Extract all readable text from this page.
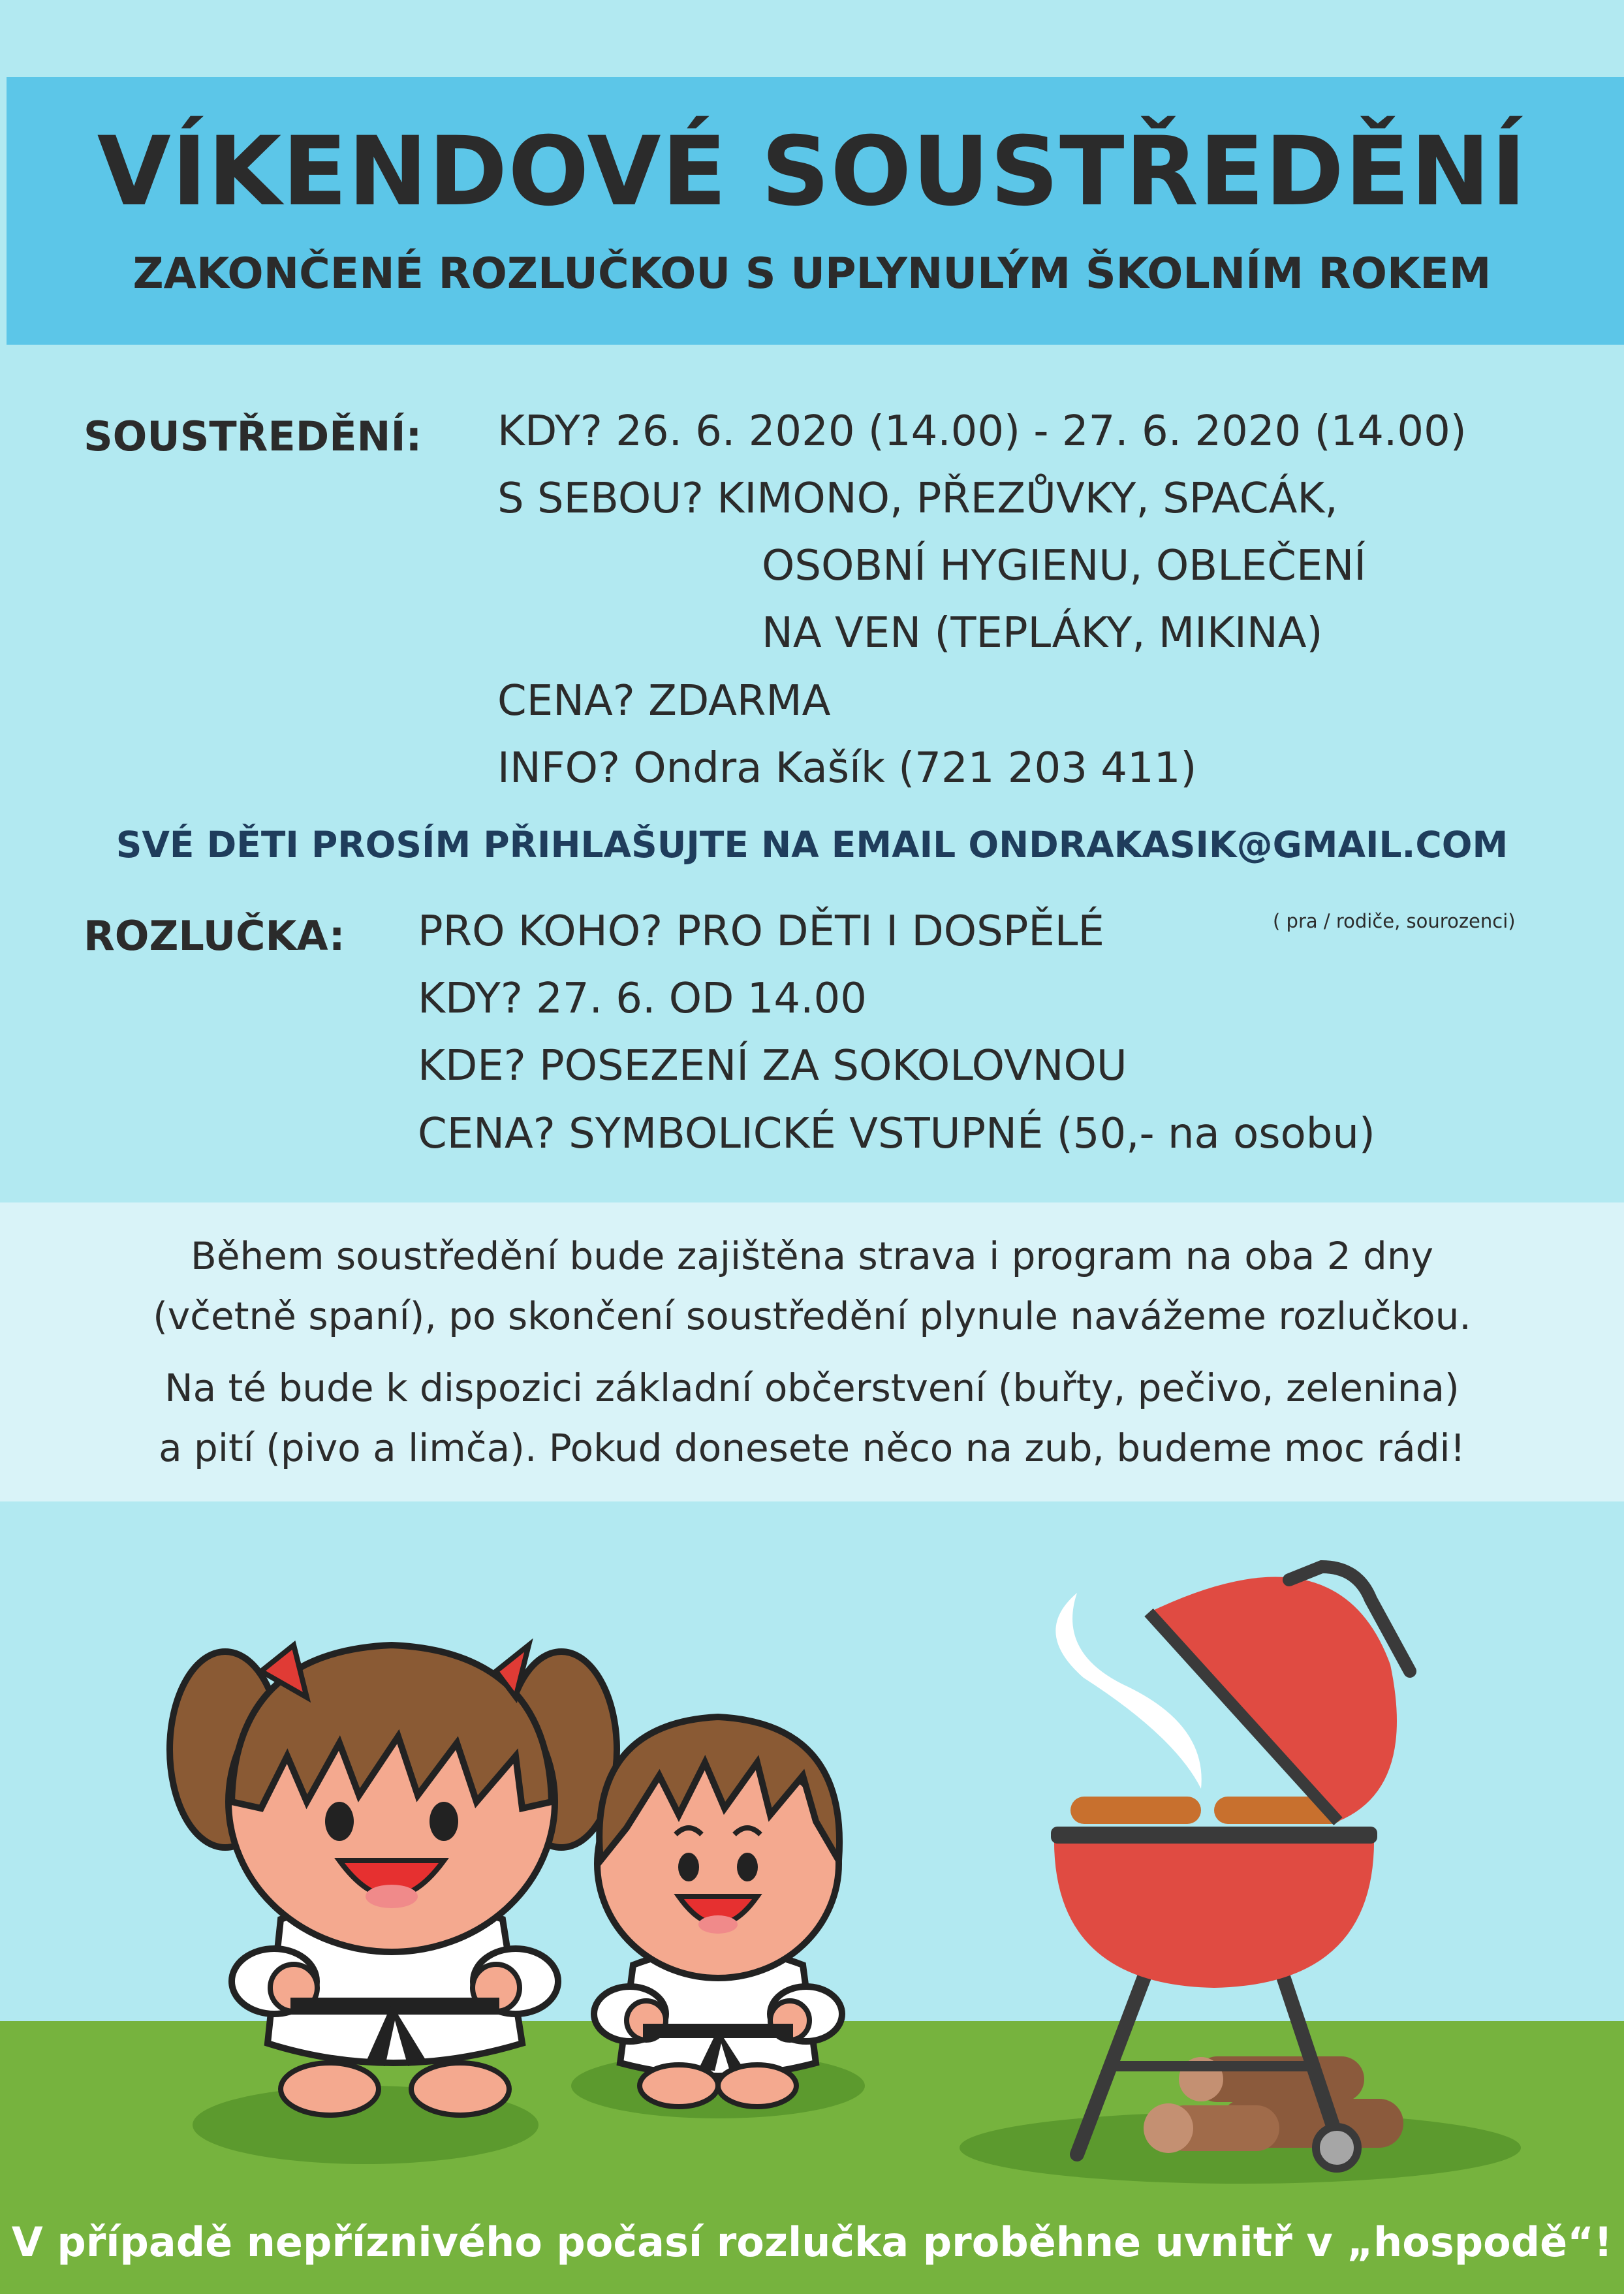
VÍKENDOVÉ SOUSTŘEDĚNÍ
ZAKONČENÉ ROZLUČKOU S UPLYNULÝM ŠKOLNÍM ROKEM
SOUSTŘEDĚNÍ: KDY? 26. 6. 2020 (14.00) - 27. 6. 2020 (14.00)
S SEBOU? KIMONO, PŘEZŮVKY, SPACÁK,
OSOBNÍ HYGIENU, OBLEČENÍ
NA VEN (TEPLÁKY, MIKINA)
CENA? ZDARMA
INFO? Ondra Kašík (721 203 411)
SVÉ DĚTI PROSÍM PŘIHLAŠUJTE NA EMAIL ONDRAKASIK@GMAIL.COM
ROZLUČKA: PRO KOHO? PRO DĚTI I DOSPĚLÉ	( pra / rodiče, sourozenci)
KDY? 27. 6. OD 14.00
KDE? POSEZENÍ ZA SOKOLOVNOU
CENA? SYMBOLICKÉ VSTUPNÉ (50,- na osobu)
Během soustředění bude zajištěna strava i program na oba 2 dny
(včetně spaní), po skončení soustředění plynule navážeme rozlučkou.
Na té bude k dispozici základní občerstvení (buřty, pečivo, zelenina)
a pití (pivo a limča). Pokud donesete něco na zub, budeme moc rádi!
V případě nepříznivého počasí rozlučka proběhne uvnitř v „hospodě“!
